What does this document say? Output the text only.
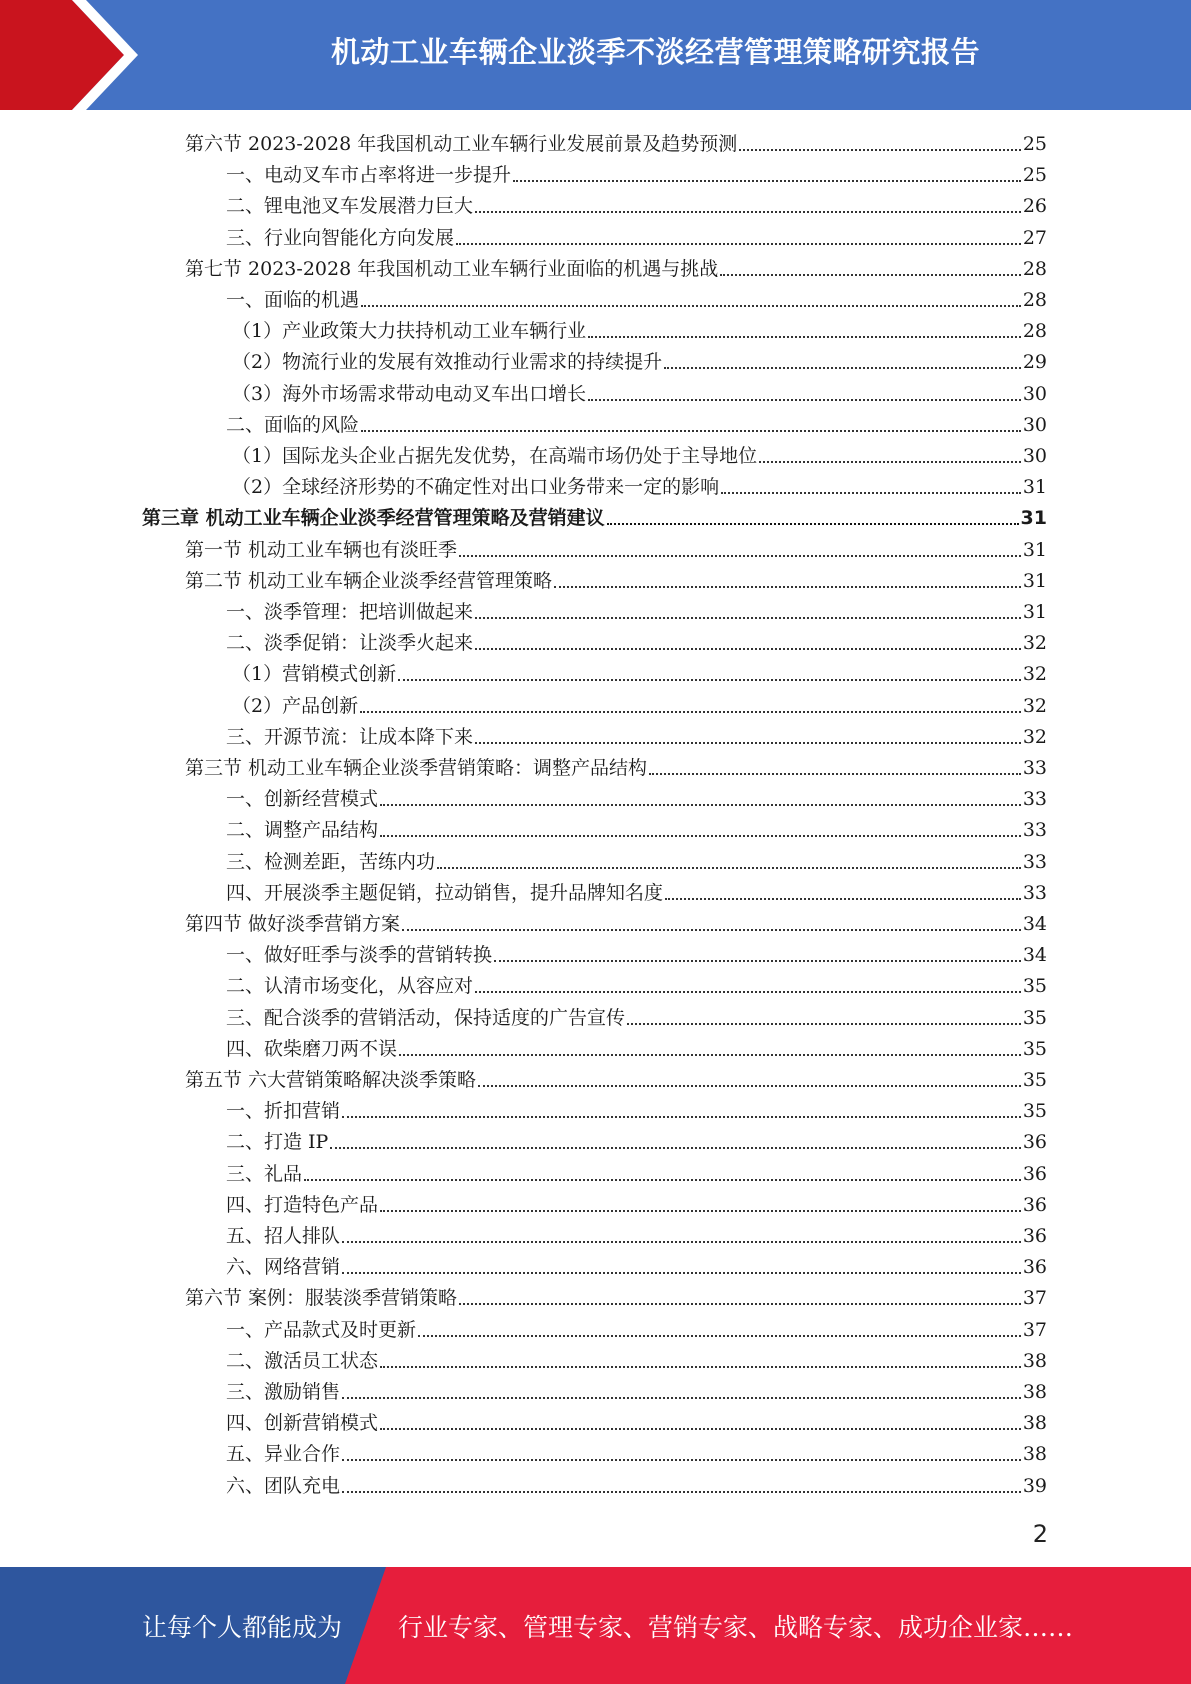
机动工业车辆企业淡季不淡经营管理策略研究报告
第六节 2023-2028 年我国机动工业车辆行业发展前景及趋势预测	25
一、电动叉车市占率将进一步提升	25
二、锂电池叉车发展潜力巨大	26
三、行业向智能化方向发展	27
第七节 2023-2028 年我国机动工业车辆行业面临的机遇与挑战	28
一、面临的机遇	28
（1）产业政策大力扶持机动工业车辆行业	28
（2）物流行业的发展有效推动行业需求的持续提升	29
（3）海外市场需求带动电动叉车出口增长	30
二、面临的风险	30
（1）国际龙头企业占据先发优势，在高端市场仍处于主导地位	30
（2）全球经济形势的不确定性对出口业务带来一定的影响	31
第三章 机动工业车辆企业淡季经营管理策略及营销建议	31
第一节 机动工业车辆也有淡旺季	31
第二节 机动工业车辆企业淡季经营管理策略	31
一、淡季管理：把培训做起来	31
二、淡季促销：让淡季火起来	32
（1）营销模式创新	32
（2）产品创新	32
三、开源节流：让成本降下来	32
第三节 机动工业车辆企业淡季营销策略：调整产品结构	33
一、创新经营模式	33
二、调整产品结构	33
三、检测差距，苦练内功	33
四、开展淡季主题促销，拉动销售，提升品牌知名度	33
第四节 做好淡季营销方案	34
一、做好旺季与淡季的营销转换	34
二、认清市场变化，从容应对	35
三、配合淡季的营销活动，保持适度的广告宣传	35
四、砍柴磨刀两不误	35
第五节 六大营销策略解决淡季策略	35
一、折扣营销	35
二、打造 IP	36
三、礼品	36
四、打造特色产品	36
五、招人排队	36
六、网络营销	36
第六节 案例：服装淡季营销策略	37
一、产品款式及时更新	37
二、激活员工状态	38
三、激励销售	38
四、创新营销模式	38
五、异业合作	38
六、团队充电	39
2
让每个人都能成为 行业专家、管理专家、营销专家、战略专家、成功企业家……
